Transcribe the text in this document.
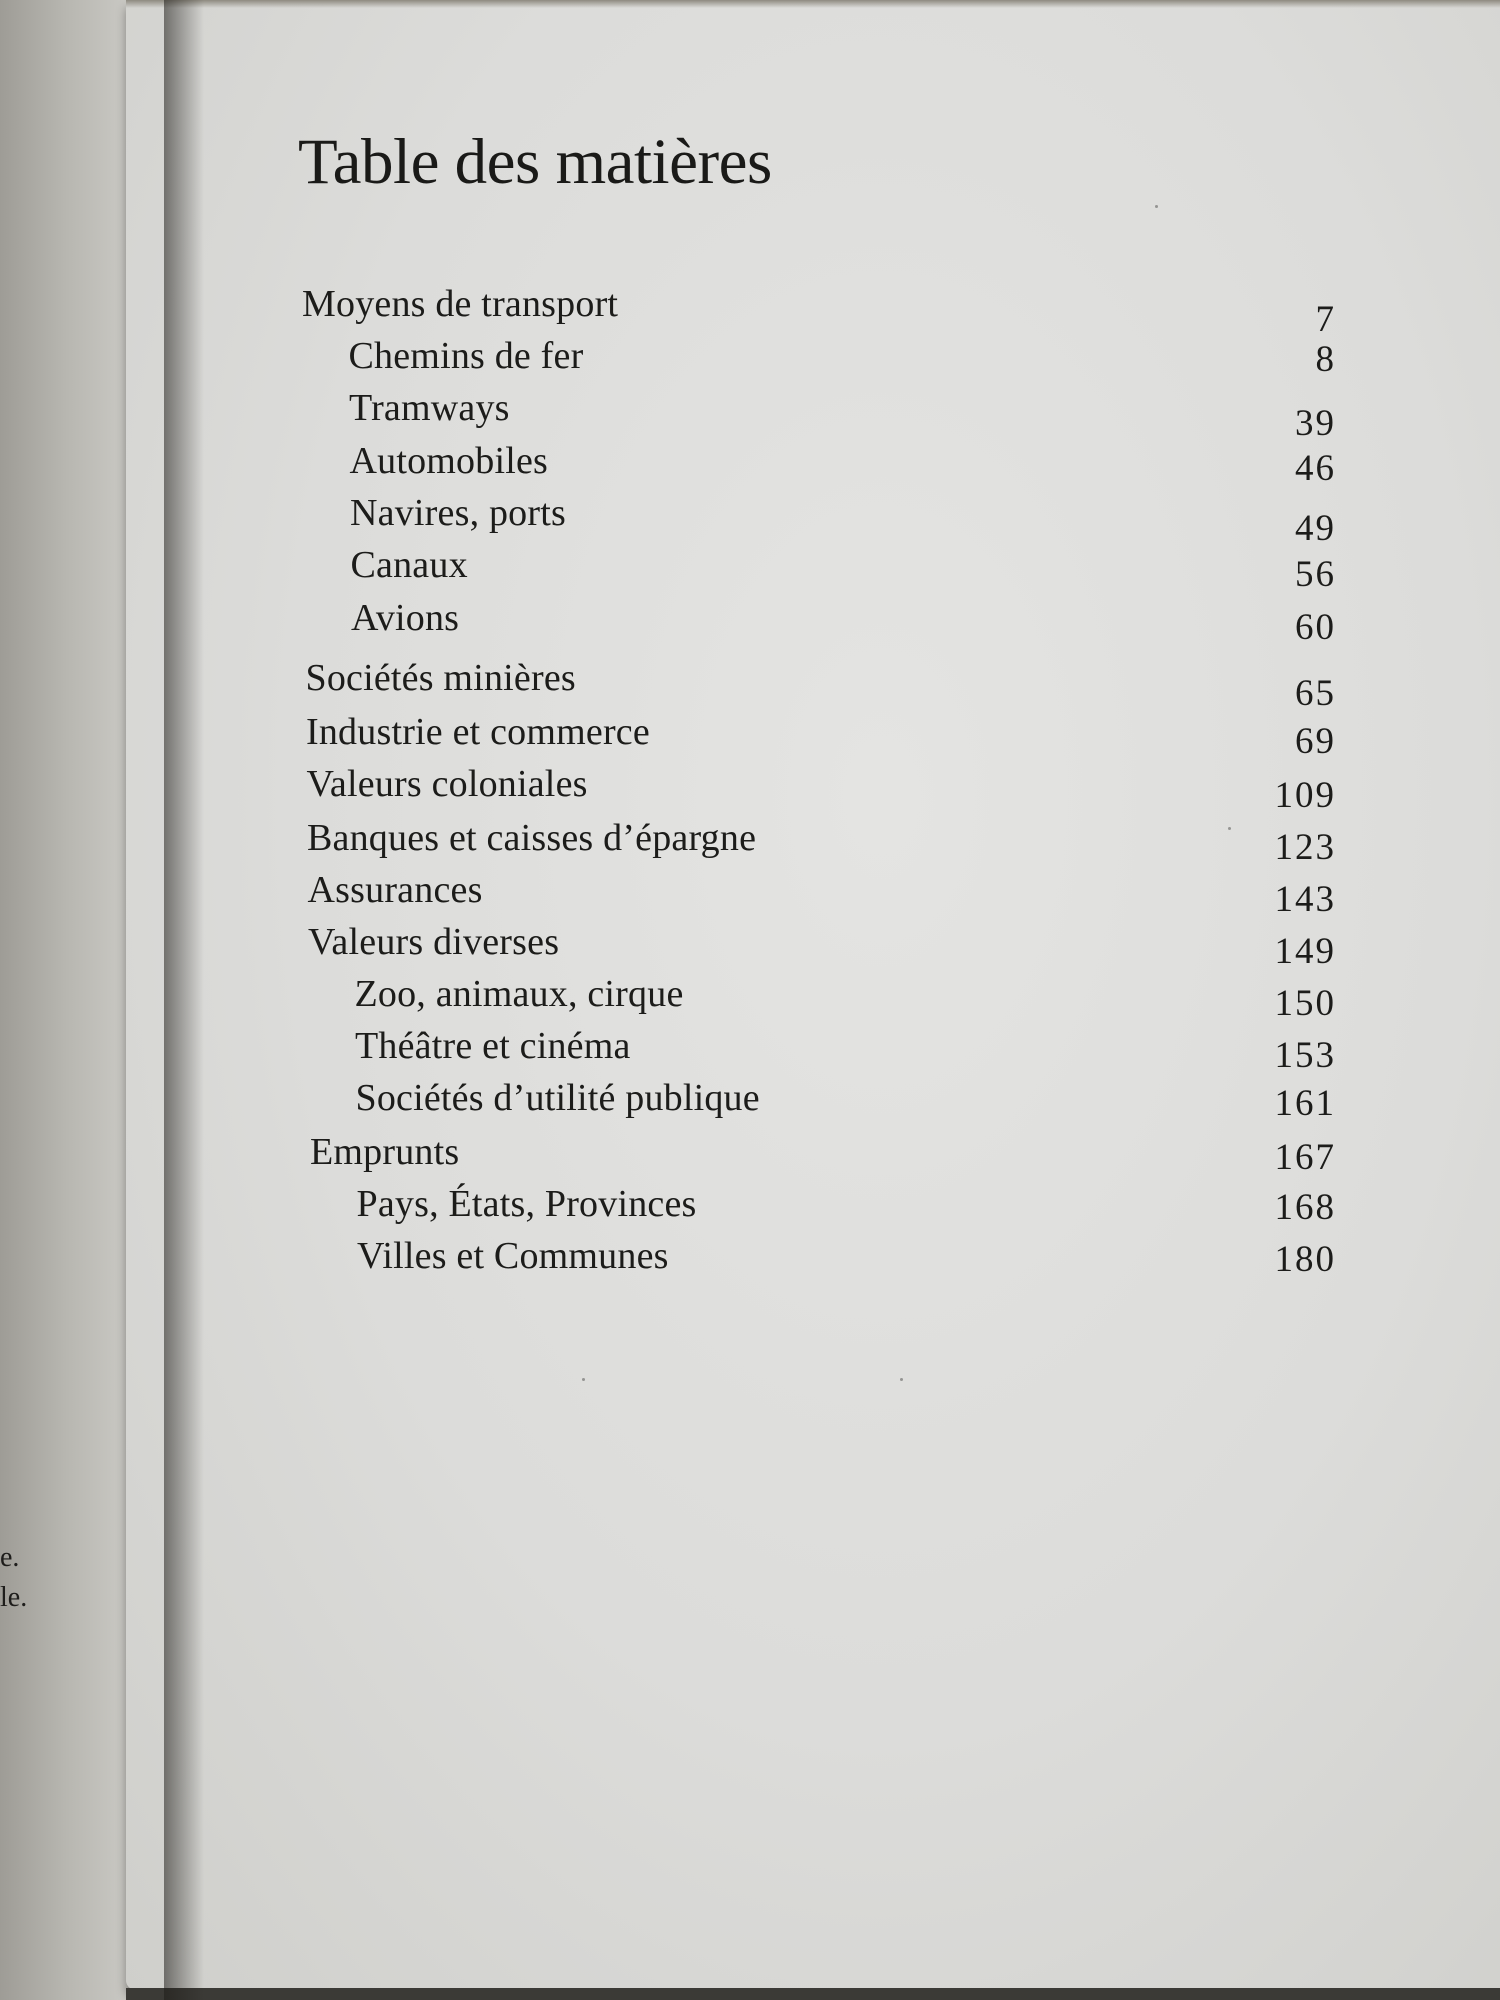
e.
le.
Table des matières
Moyens de transport	7
Chemins de fer	8
Tramways	39
Automobiles	46
Navires, ports	49
Canaux	56
Avions	60
Sociétés minières	65
Industrie et commerce	69
Valeurs coloniales	109
Banques et caisses d’épargne	123
Assurances	143
Valeurs diverses	149
Zoo, animaux, cirque	150
Théâtre et cinéma	153
Sociétés d’utilité publique	161
Emprunts	167
Pays, États, Provinces	168
Villes et Communes	180
